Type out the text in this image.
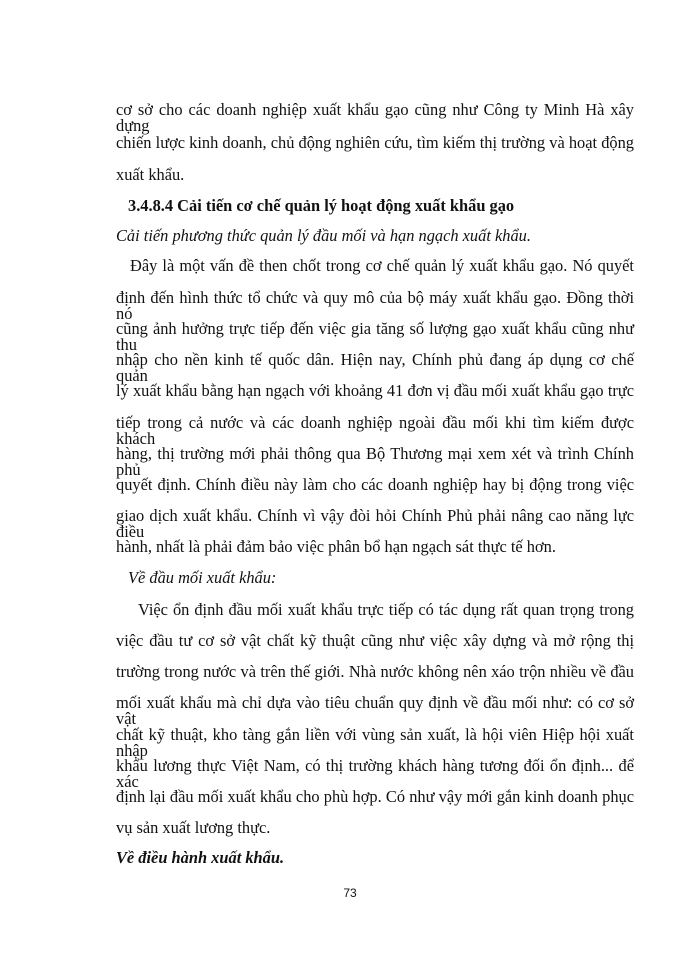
cơ sở cho các doanh nghiệp xuất khẩu gạo cũng như Công ty Minh Hà xây dựng
chiến lược kinh doanh, chủ động nghiên cứu, tìm kiếm thị trường và hoạt động
xuất khẩu.
3.4.8.4 Cải tiến cơ chế quản lý hoạt động xuất khẩu gạo
Cải tiến phương thức quản lý đầu mối và hạn ngạch xuất khẩu.
Đây là một vấn đề then chốt trong cơ chế quản lý xuất khẩu gạo. Nó quyết
định đến hình thức tổ chức và quy mô của bộ máy xuất khẩu gạo. Đồng thời nó
cũng ảnh hưởng trực tiếp đến việc gia tăng số lượng gạo xuất khẩu cũng như thu
nhập cho nền kinh tế quốc dân. Hiện nay, Chính phủ đang áp dụng cơ chế quản
lý xuất khẩu bằng hạn ngạch với khoảng 41 đơn vị đầu mối xuất khẩu gạo trực
tiếp trong cả nước và các doanh nghiệp ngoài đầu mối khi tìm kiếm được khách
hàng, thị trường mới phải thông qua Bộ Thương mại xem xét và trình Chính phủ
quyết định. Chính điều này làm cho các doanh nghiệp hay bị động trong việc
giao dịch xuất khẩu. Chính vì vậy đòi hỏi Chính Phủ phải nâng cao năng lực điều
hành, nhất là phải đảm bảo việc phân bổ hạn ngạch sát thực tế hơn.
Về đầu mối xuất khẩu:
Việc ổn định đầu mối xuất khẩu trực tiếp có tác dụng rất quan trọng trong
việc đầu tư cơ sở vật chất kỹ thuật cũng như việc xây dựng và mở rộng thị
trường trong nước và trên thế giới. Nhà nước không nên xáo trộn nhiều về đầu
mối xuất khẩu mà chỉ dựa vào tiêu chuẩn quy định về đầu mối như: có cơ sở vật
chất kỹ thuật, kho tàng gắn liền với vùng sản xuất, là hội viên Hiệp hội xuất nhập
khẩu lương thực Việt Nam, có thị trường khách hàng tương đối ổn định... để xác
định lại đầu mối xuất khẩu cho phù hợp. Có như vậy mới gắn kinh doanh phục
vụ sản xuất lương thực.
Về điều hành xuất khẩu.
73
